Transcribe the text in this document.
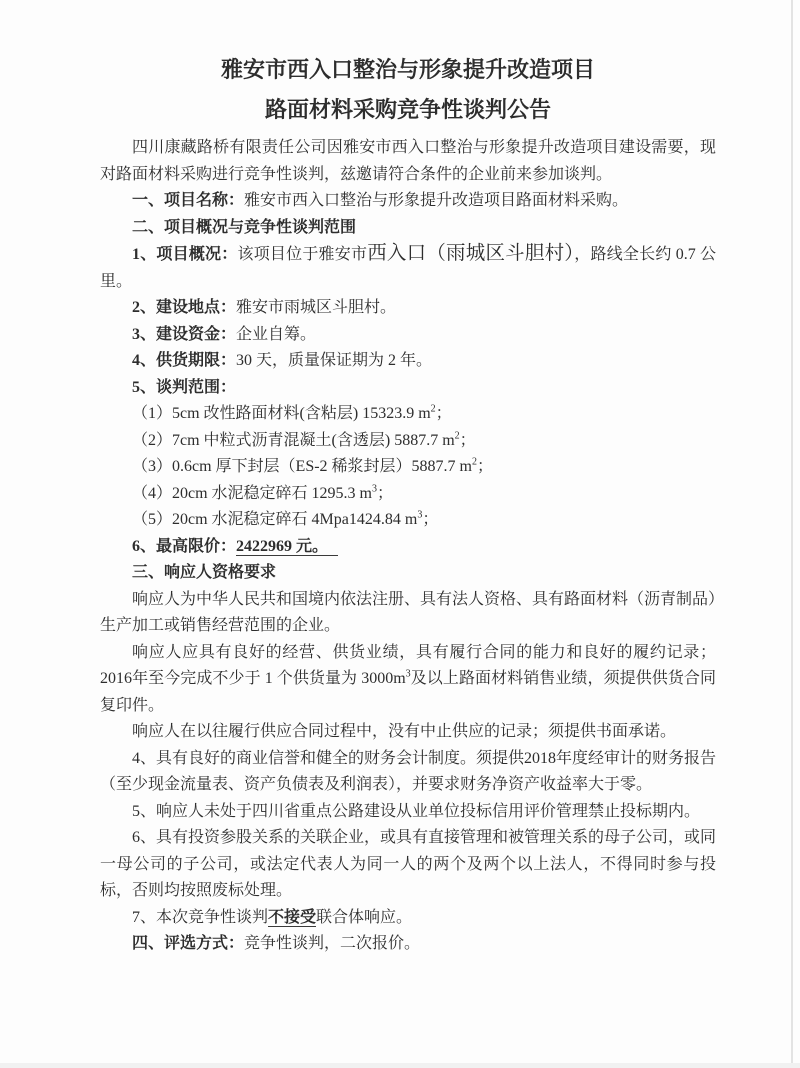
雅安市西入口整治与形象提升改造项目
路面材料采购竞争性谈判公告

四川康藏路桥有限责任公司因雅安市西入口整治与形象提升改造项目建设需要，现对路面材料采购进行竞争性谈判，兹邀请符合条件的企业前来参加谈判。

一、项目名称：雅安市西入口整治与形象提升改造项目路面材料采购。

二、项目概况与竞争性谈判范围

1、项目概况：该项目位于雅安市西入口（雨城区斗胆村），路线全长约 0.7 公里。

2、建设地点：雅安市雨城区斗胆村。

3、建设资金：企业自筹。

4、供货期限：30 天，质量保证期为 2 年。

5、谈判范围：

（1）5cm 改性路面材料(含粘层) 15323.9 $m^2$；

（2）7cm 中粒式沥青混凝土(含透层) 5887.7 $m^2$；

（3）0.6cm 厚下封层（ES-2 稀浆封层）5887.7 $m^2$；

（4）20cm 水泥稳定碎石 1295.3 $m^3$；

（5）20cm 水泥稳定碎石 4Mpa1424.84 $m^3$；

6、最高限价：2422969 元。

三、响应人资格要求

响应人为中华人民共和国境内依法注册、具有法人资格、具有路面材料（沥青制品）生产加工或销售经营范围的企业。

响应人应具有良好的经营、供货业绩，具有履行合同的能力和良好的履约记录；2016年至今完成不少于 1 个供货量为 $3000m^3$及以上路面材料销售业绩，须提供供货合同复印件。

响应人在以往履行供应合同过程中，没有中止供应的记录；须提供书面承诺。

4、具有良好的商业信誉和健全的财务会计制度。须提供2018年度经审计的财务报告（至少现金流量表、资产负债表及利润表），并要求财务净资产收益率大于零。

5、响应人未处于四川省重点公路建设从业单位投标信用评价管理禁止投标期内。

6、具有投资参股关系的关联企业，或具有直接管理和被管理关系的母子公司，或同一母公司的子公司，或法定代表人为同一人的两个及两个以上法人，不得同时参与投标，否则均按照废标处理。

7、本次竞争性谈判不接受联合体响应。

四、评选方式：竞争性谈判，二次报价。
